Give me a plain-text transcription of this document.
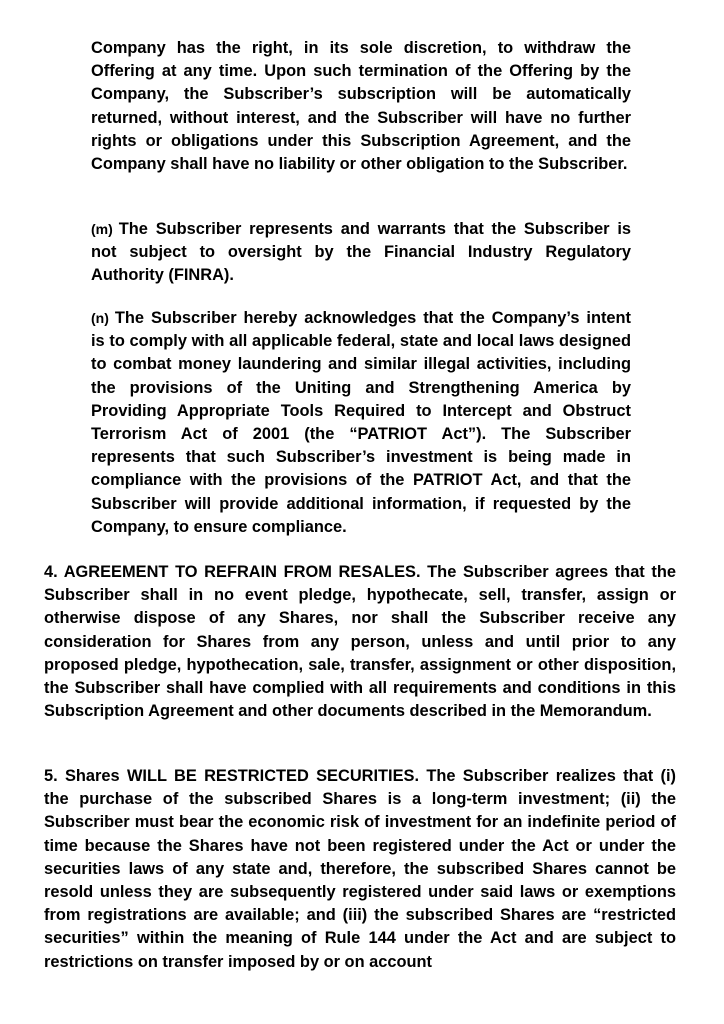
Company has the right, in its sole discretion, to withdraw the Offering at any time. Upon such termination of the Offering by the Company, the Subscriber’s subscription will be automatically returned, without interest, and the Subscriber will have no further rights or obligations under this Subscription Agreement, and the Company shall have no liability or other obligation to the Subscriber.

(m) The Subscriber represents and warrants that the Subscriber is not subject to oversight by the Financial Industry Regulatory Authority (FINRA).

(n) The Subscriber hereby acknowledges that the Company’s intent is to comply with all applicable federal, state and local laws designed to combat money laundering and similar illegal activities, including the provisions of the Uniting and Strengthening America by Providing Appropriate Tools Required to Intercept and Obstruct Terrorism Act of 2001 (the “PATRIOT Act”). The Subscriber represents that such Subscriber’s investment is being made in compliance with the provisions of the PATRIOT Act, and that the Subscriber will provide additional information, if requested by the Company, to ensure compliance.

4. AGREEMENT TO REFRAIN FROM RESALES. The Subscriber agrees that the Subscriber shall in no event pledge, hypothecate, sell, transfer, assign or otherwise dispose of any Shares, nor shall the Subscriber receive any consideration for Shares from any person, unless and until prior to any proposed pledge, hypothecation, sale, transfer, assignment or other disposition, the Subscriber shall have complied with all requirements and conditions in this Subscription Agreement and other documents described in the Memorandum.

5. Shares WILL BE RESTRICTED SECURITIES. The Subscriber realizes that (i) the purchase of the subscribed Shares is a long-term investment; (ii) the Subscriber must bear the economic risk of investment for an indefinite period of time because the Shares have not been registered under the Act or under the securities laws of any state and, therefore, the subscribed Shares cannot be resold unless they are subsequently registered under said laws or exemptions from registrations are available; and (iii) the subscribed Shares are “restricted securities” within the meaning of Rule 144 under the Act and are subject to restrictions on transfer imposed by or on account
